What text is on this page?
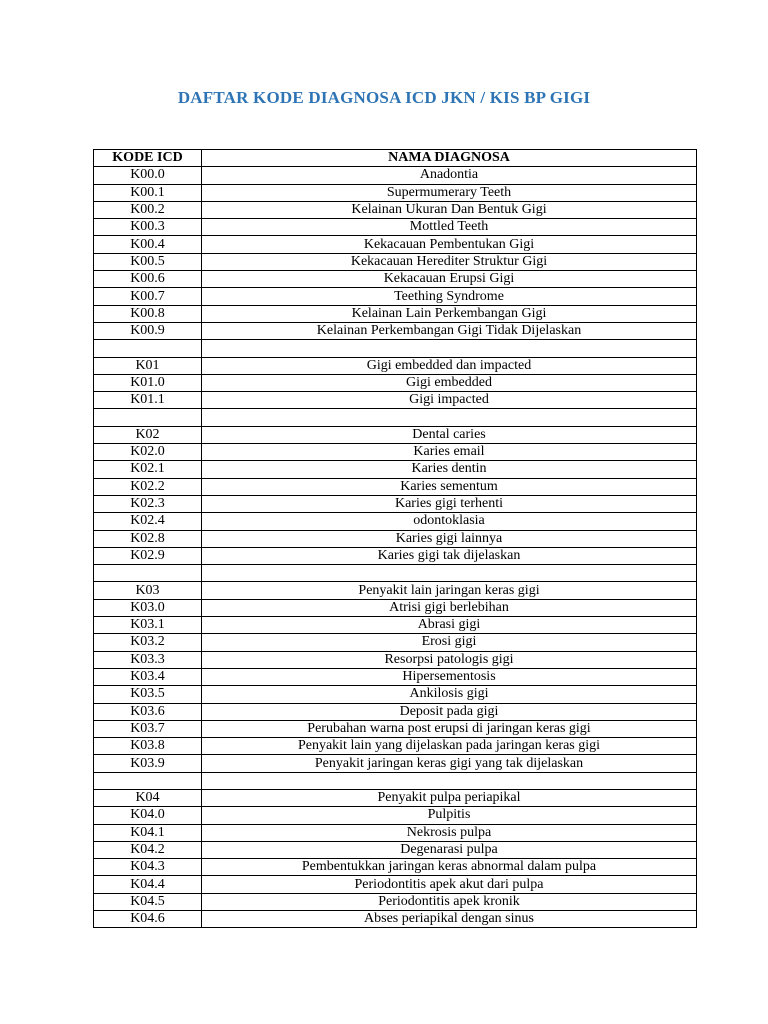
DAFTAR KODE DIAGNOSA ICD JKN / KIS BP GIGI
KODE ICD	NAMA DIAGNOSA
K00.0	Anadontia
K00.1	Supermumerary Teeth
K00.2	Kelainan Ukuran Dan Bentuk Gigi
K00.3	Mottled Teeth
K00.4	Kekacauan Pembentukan Gigi
K00.5	Kekacauan Herediter Struktur Gigi
K00.6	Kekacauan Erupsi Gigi
K00.7	Teething Syndrome
K00.8	Kelainan Lain Perkembangan Gigi
K00.9	Kelainan Perkembangan Gigi Tidak Dijelaskan

K01	Gigi embedded dan impacted
K01.0	Gigi embedded
K01.1	Gigi impacted

K02	Dental caries
K02.0	Karies email
K02.1	Karies dentin
K02.2	Karies sementum
K02.3	Karies gigi terhenti
K02.4	odontoklasia
K02.8	Karies gigi lainnya
K02.9	Karies gigi tak dijelaskan

K03	Penyakit lain jaringan keras gigi
K03.0	Atrisi gigi berlebihan
K03.1	Abrasi gigi
K03.2	Erosi gigi
K03.3	Resorpsi patologis gigi
K03.4	Hipersementosis
K03.5	Ankilosis gigi
K03.6	Deposit pada gigi
K03.7	Perubahan warna post erupsi di jaringan keras gigi
K03.8	Penyakit lain yang dijelaskan pada jaringan keras gigi
K03.9	Penyakit jaringan keras gigi yang tak dijelaskan

K04	Penyakit pulpa periapikal
K04.0	Pulpitis
K04.1	Nekrosis pulpa
K04.2	Degenarasi pulpa
K04.3	Pembentukkan jaringan keras abnormal dalam pulpa
K04.4	Periodontitis apek akut dari pulpa
K04.5	Periodontitis apek kronik
K04.6	Abses periapikal dengan sinus
